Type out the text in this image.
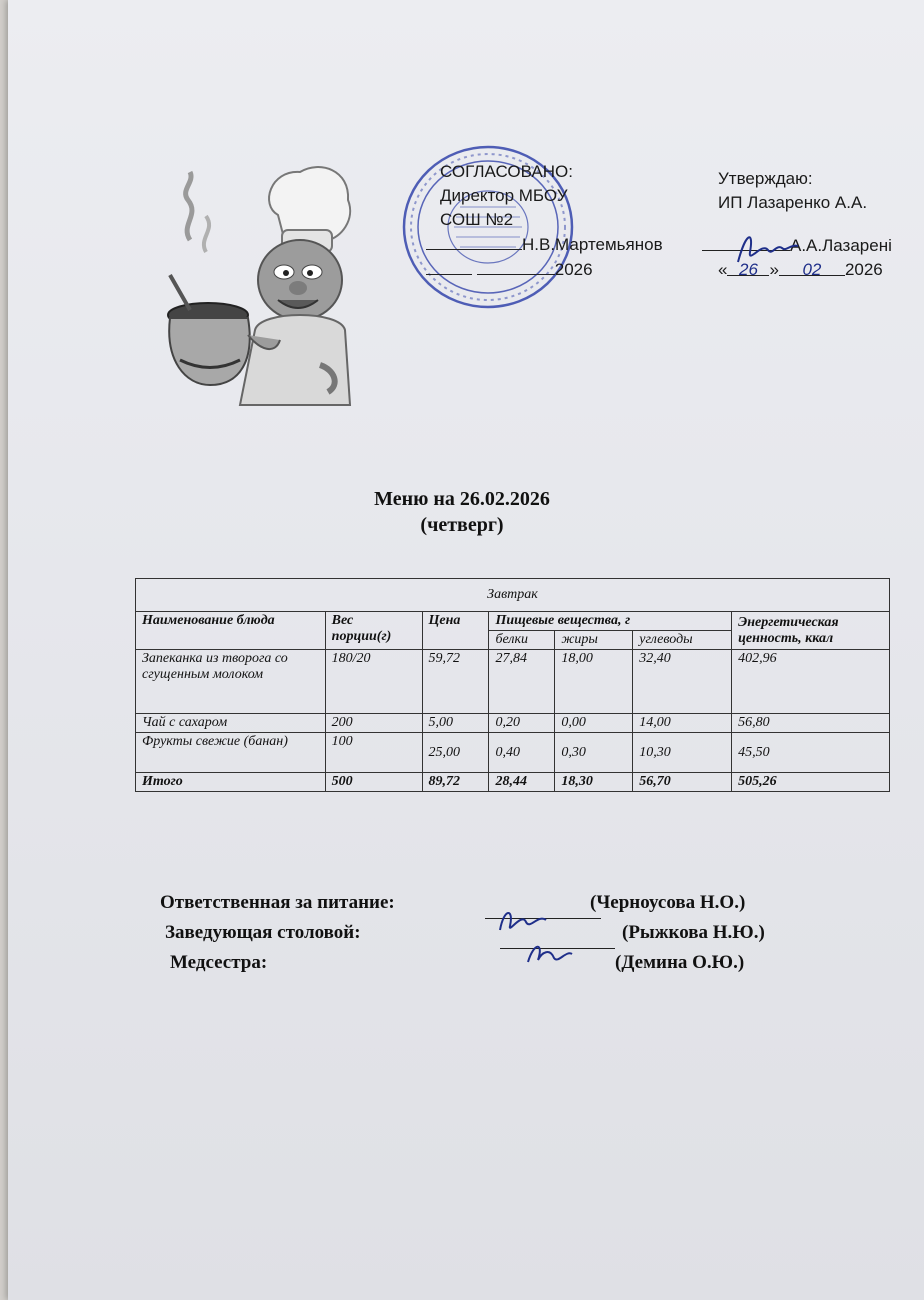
СОГЛАСОВАНО:
Директор МБОУ
СОШ №2
Н.В.Мартемьянов
2026
Утверждаю:
ИП Лазаренко А.А.
А.А.Лазарені
« 26 » 02 2026
Меню на 26.02.2026
(четверг)
Завтрак						
Наименование блюда	Вес порции(г)	Цена	Пищевые вещества, г			Энергетическая ценность, ккал
			белки	жиры	углеводы	
Запеканка из творога со сгущенным молоком	180/20	59,72	27,84	18,00	32,40	402,96
Чай с сахаром	200	5,00	0,20	0,00	14,00	56,80
Фрукты свежие (банан)	100	25,00	0,40	0,30	10,30	45,50
Итого	500	89,72	28,44	18,30	56,70	505,26
Ответственная за питание:	(Черноусова Н.О.)
Заведующая столовой:	(Рыжкова Н.Ю.)
Медсестра:	(Демина О.Ю.)
